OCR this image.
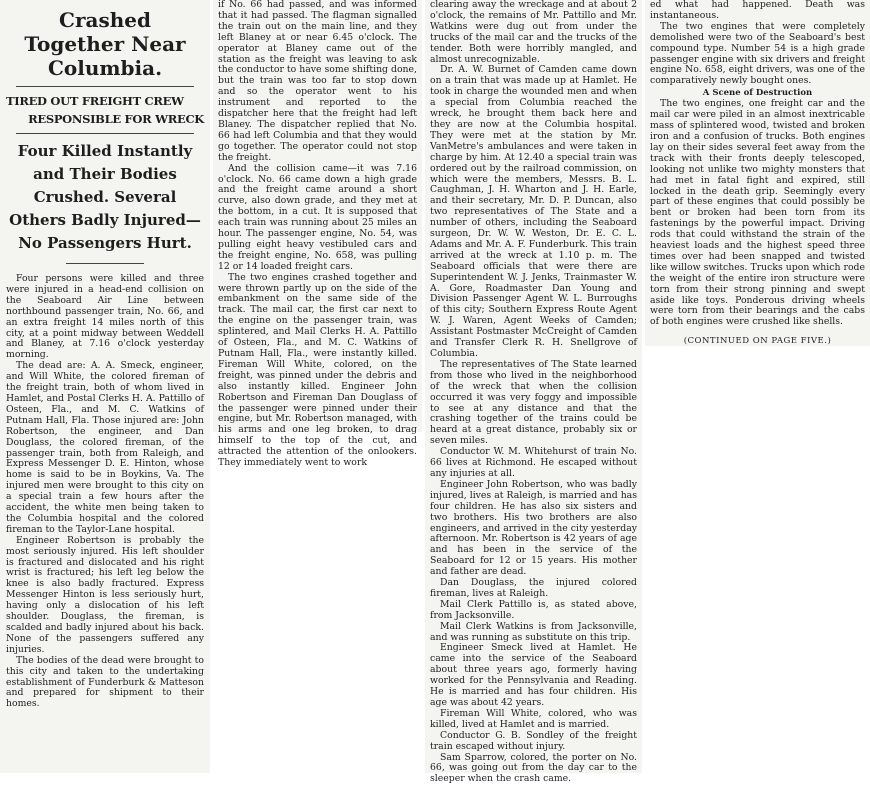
Crashed Together Near Columbia.
TIRED OUT FREIGHT CREW
RESPONSIBLE FOR WRECK
Four Killed Instantly and Their Bodies Crushed. Several Others Badly Injured—No Passengers Hurt.

Four persons were killed and three were injured in a head-end collision on the Seaboard Air Line between northbound passenger train, No. 66, and an extra freight 14 miles north of this city, at a point midway between Weddell and Blaney, at 7.16 o'clock yesterday morning.

The dead are: A. A. Smeck, engineer, and Will White, the colored fireman of the freight train, both of whom lived in Hamlet, and Postal Clerks H. A. Pattillo of Osteen, Fla., and M. C. Watkins of Putnam Hall, Fla. Those injured are: John Robertson, the engineer, and Dan Douglass, the colored fireman, of the passenger train, both from Raleigh, and Express Messenger D. E. Hinton, whose home is said to be in Boykins, Va. The injured men were brought to this city on a special train a few hours after the accident, the white men being taken to the Columbia hospital and the colored fireman to the Taylor-Lane hospital.

Engineer Robertson is probably the most seriously injured. His left shoulder is fractured and dislocated and his right wrist is fractured; his left leg below the knee is also badly fractured. Express Messenger Hinton is less seriously hurt, having only a dislocation of his left shoulder. Douglass, the fireman, is scalded and badly injured about his back. None of the passengers suffered any injuries.

The bodies of the dead were brought to this city and taken to the undertaking establishment of Funderburk & Matteson and prepared for shipment to their homes.

if No. 66 had passed, and was informed that it had passed. The flagman signalled the train out on the main line, and they left Blaney at or near 6.45 o'clock. The operator at Blaney came out of the station as the freight was leaving to ask the conductor to have some shifting done, but the train was too far to stop down and so the operator went to his instrument and reported to the dispatcher here that the freight had left Blaney. The dispatcher replied that No. 66 had left Columbia and that they would go together. The operator could not stop the freight.

And the collision came—it was 7.16 o'clock. No. 66 came down a high grade and the freight came around a short curve, also down grade, and they met at the bottom, in a cut. It is supposed that each train was running about 25 miles an hour. The passenger engine, No. 54, was pulling eight heavy vestibuled cars and the freight engine, No. 658, was pulling 12 or 14 loaded freight cars.

The two engines crashed together and were thrown partly up on the side of the embankment on the same side of the track. The mail car, the first car next to the engine on the passenger train, was splintered, and Mail Clerks H. A. Pattillo of Osteen, Fla., and M. C. Watkins of Putnam Hall, Fla., were instantly killed. Fireman Will White, colored, on the freight, was pinned under the debris and also instantly killed. Engineer John Robertson and Fireman Dan Douglass of the passenger were pinned under their engine, but Mr. Robertson managed, with his arms and one leg broken, to drag himself to the top of the cut, and attracted the attention of the onlookers. They immediately went to work

clearing away the wreckage and at about 2 o'clock, the remains of Mr. Pattillo and Mr. Watkins were dug out from under the trucks of the mail car and the trucks of the tender. Both were horribly mangled, and almost unrecognizable.

Dr. A. W. Burnet of Camden came down on a train that was made up at Hamlet. He took in charge the wounded men and when a special from Columbia reached the wreck, he brought them back here and they are now at the Columbia hospital. They were met at the station by Mr. VanMetre's ambulances and were taken in charge by him. At 12.40 a special train was ordered out by the railroad commission, on which were the members, Messrs. B. L. Caughman, J. H. Wharton and J. H. Earle, and their secretary, Mr. D. P. Duncan, also two representatives of The State and a number of others, including the Seaboard surgeon, Dr. W. W. Weston, Dr. E. C. L. Adams and Mr. A. F. Funderburk. This train arrived at the wreck at 1.10 p. m. The Seaboard officials that were there are Superintendent W. J. Jenks, Trainmaster W. A. Gore, Roadmaster Dan Young and Division Passenger Agent W. L. Burroughs of this city; Southern Express Route Agent W. J. Waren, Agent Weeks of Camden; Assistant Postmaster McCreight of Camden and Transfer Clerk R. H. Snellgrove of Columbia.

The representatives of The State learned from those who lived in the neighborhood of the wreck that when the collision occurred it was very foggy and impossible to see at any distance and that the crashing together of the trains could be heard at a great distance, probably six or seven miles.

Conductor W. M. Whitehurst of train No. 66 lives at Richmond. He escaped without any injuries at all.

Engineer John Robertson, who was badly injured, lives at Raleigh, is married and has four children. He has also six sisters and two brothers. His two brothers are also engineers, and arrived in the city yesterday afternoon. Mr. Robertson is 42 years of age and has been in the service of the Seaboard for 12 or 15 years. His mother and father are dead.

Dan Douglass, the injured colored fireman, lives at Raleigh.

Mail Clerk Pattillo is, as stated above, from Jacksonville.

Mail Clerk Watkins is from Jacksonville, and was running as substitute on this trip.

Engineer Smeck lived at Hamlet. He came into the service of the Seaboard about three years ago, formerly having worked for the Pennsylvania and Reading. He is married and has four children. His age was about 42 years.

Fireman Will White, colored, who was killed, lived at Hamlet and is married.

Conductor G. B. Sondley of the freight train escaped without injury.

Sam Sparrow, colored, the porter on No. 66, was going out from the day car to the sleeper when the crash came.

ed what had happened. Death was instantaneous.

The two engines that were completely demolished were two of the Seaboard's best compound type. Number 54 is a high grade passenger engine with six drivers and freight engine No. 658, eight drivers, was one of the comparatively newly bought ones.

A Scene of Destruction

The two engines, one freight car and the mail car were piled in an almost inextricable mass of splintered wood, twisted and broken iron and a confusion of trucks. Both engines lay on their sides several feet away from the track with their fronts deeply telescoped, looking not unlike two mighty monsters that had met in fatal fight and expired, still locked in the death grip. Seemingly every part of these engines that could possibly be bent or broken had been torn from its fastenings by the powerful impact. Driving rods that could withstand the strain of the heaviest loads and the highest speed three times over had been snapped and twisted like willow switches. Trucks upon which rode the weight of the entire iron structure were torn from their strong pinning and swept aside like toys. Ponderous driving wheels were torn from their bearings and the cabs of both engines were crushed like shells.

(CONTINUED ON PAGE FIVE.)
